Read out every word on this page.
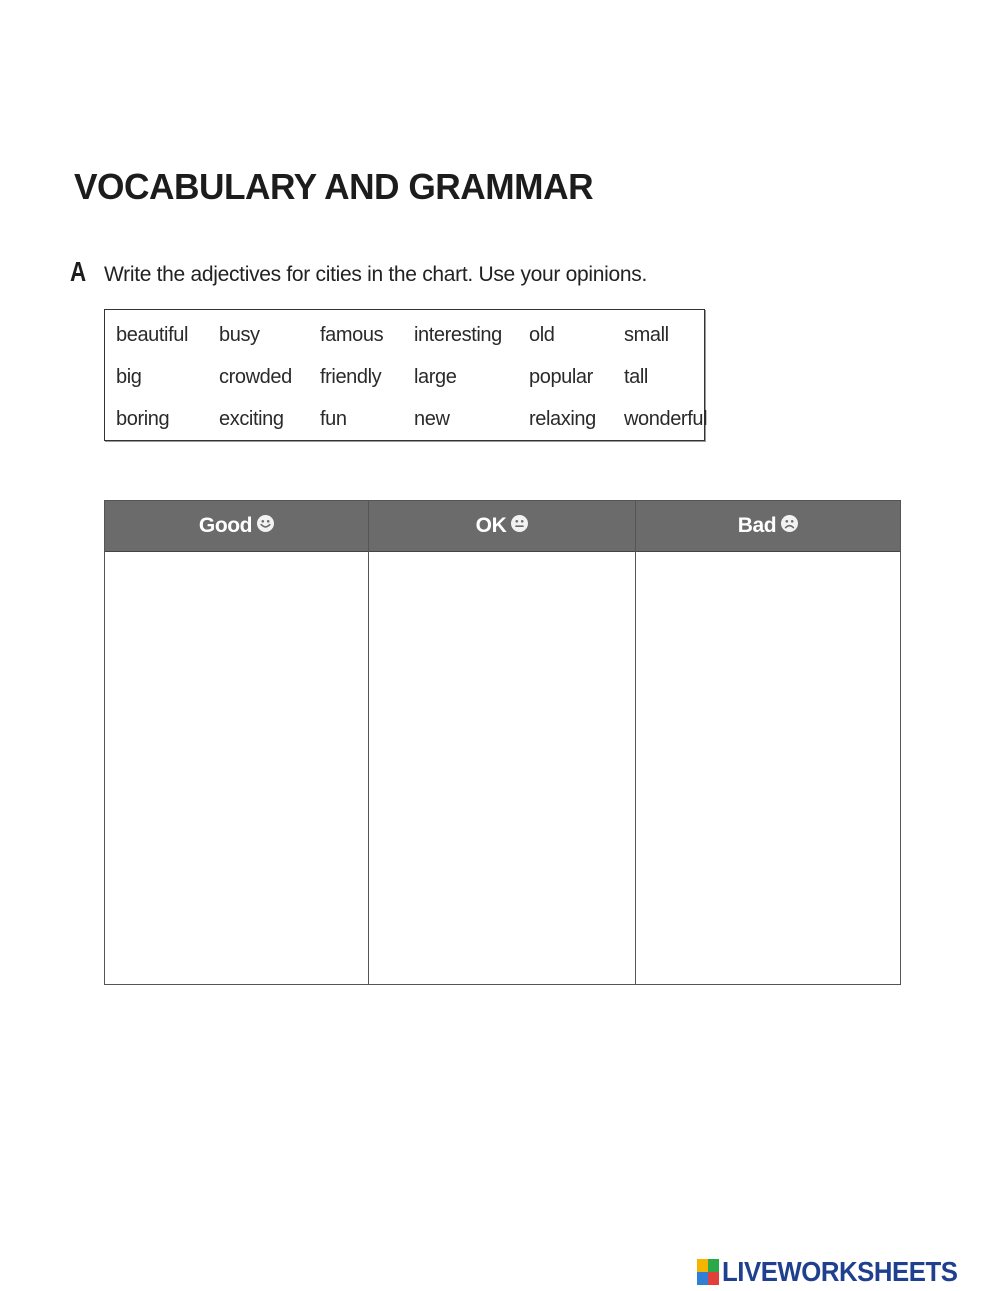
VOCABULARY AND GRAMMAR
A Write the adjectives for cities in the chart. Use your opinions.
beautiful	busy	famous	interesting	old	small
big	crowded	friendly	large	popular	tall
boring	exciting	fun	new	relaxing	wonderful
Good	OK	Bad
LIVEWORKSHEETS
